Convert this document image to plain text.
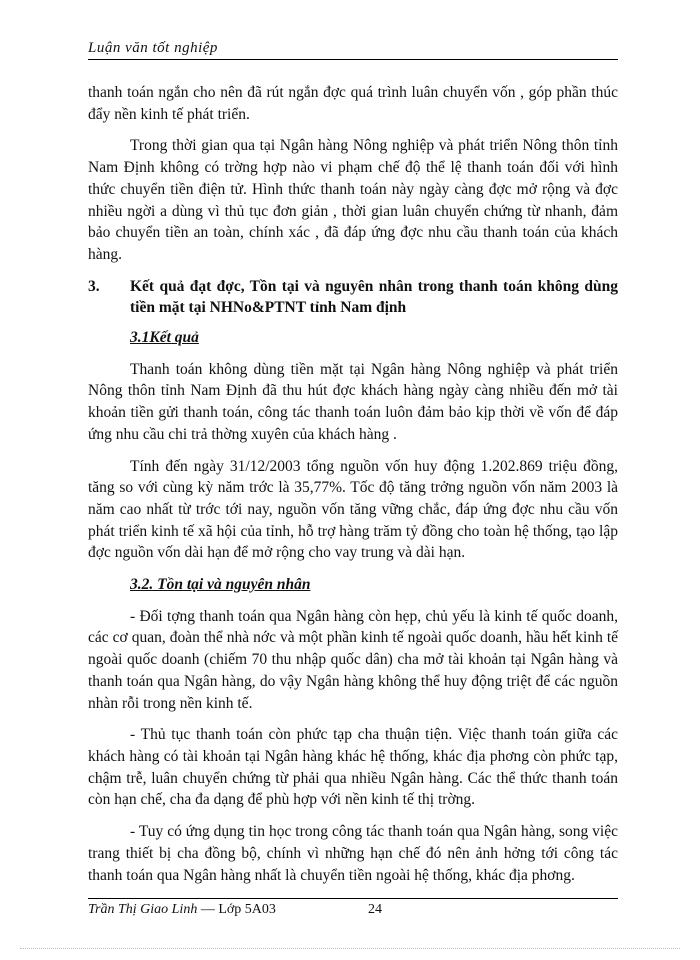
Luận văn tốt nghiệp

thanh toán ngắn cho nên đã rút ngắn đợc quá trình luân chuyển vốn , góp phần thúc đẩy nền kinh tế phát triển.

Trong thời gian qua tại Ngân hàng Nông nghiệp và phát triển Nông thôn tỉnh Nam Định không có trờng hợp nào vi phạm chế độ thể lệ thanh toán đối với hình thức chuyển tiền điện tử. Hình thức thanh toán này ngày càng đợc mở rộng và đợc nhiều ngời a dùng vì thủ tục đơn giản , thời gian luân chuyển chứng từ nhanh, đảm bảo chuyển tiền an toàn, chính xác , đã đáp ứng đợc nhu cầu thanh toán của khách hàng.

3.	Kết quả đạt đợc, Tồn tại và nguyên nhân trong thanh toán không dùng tiền mặt tại NHNo&PTNT tỉnh Nam định
3.1Kết quả

Thanh toán không dùng tiền mặt tại Ngân hàng Nông nghiệp và phát triển Nông thôn tỉnh Nam Định đã thu hút đợc khách hàng ngày càng nhiều đến mở tài khoản tiền gửi thanh toán, công tác thanh toán luôn đảm bảo kịp thời về vốn để đáp ứng nhu cầu chi trả thờng xuyên của khách hàng .

Tính đến ngày 31/12/2003 tổng nguồn vốn huy động 1.202.869 triệu đồng, tăng so với cùng kỳ năm trớc là 35,77%. Tốc độ tăng trởng nguồn vốn năm 2003 là năm cao nhất từ trớc tới nay, nguồn vốn tăng vững chắc, đáp ứng đợc nhu cầu vốn phát triển kinh tế xã hội của tỉnh, hỗ trợ hàng trăm tỷ đồng cho toàn hệ thống, tạo lập đợc nguồn vốn dài hạn để mở rộng cho vay trung và dài hạn.

3.2. Tồn tại và nguyên nhân

- Đối tợng thanh toán qua Ngân hàng còn hẹp, chủ yếu là kinh tế quốc doanh, các cơ quan, đoàn thể nhà nớc và một phần kinh tế ngoài quốc doanh, hầu hết kinh tế ngoài quốc doanh (chiếm 70 thu nhập quốc dân) cha mở tài khoản tại Ngân hàng và thanh toán qua Ngân hàng, do vậy Ngân hàng không thể huy động triệt để các nguồn nhàn rỗi trong nền kinh tế.

- Thủ tục thanh toán còn phức tạp cha thuận tiện. Việc thanh toán giữa các khách hàng có tài khoản tại Ngân hàng khác hệ thống, khác địa phơng còn phức tạp, chậm trễ, luân chuyển chứng từ phải qua nhiều Ngân hàng. Các thể thức thanh toán còn hạn chế, cha đa dạng để phù hợp với nền kinh tế thị trờng.

- Tuy có ứng dụng tin học trong công tác thanh toán qua Ngân hàng, song việc trang thiết bị cha đồng bộ, chính vì những hạn chế đó nên ảnh hởng tới công tác thanh toán qua Ngân hàng nhất là chuyển tiền ngoài hệ thống, khác địa phơng.

Trần Thị Giao Linh — Lớp 5A03	24
